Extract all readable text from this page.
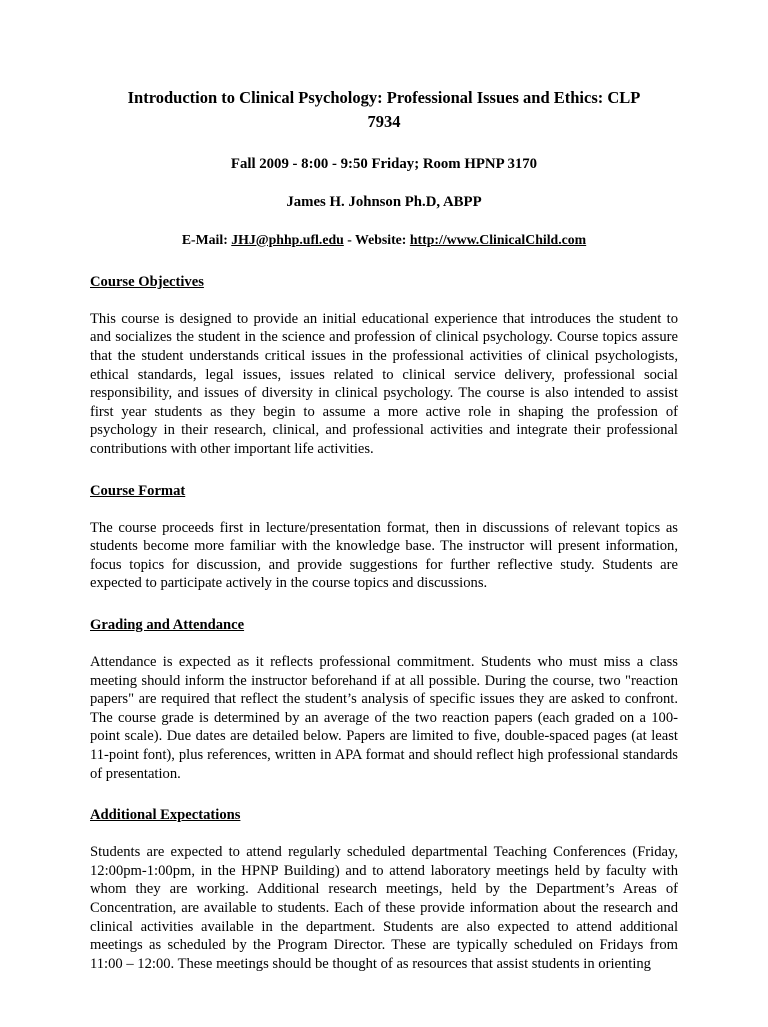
Introduction to Clinical Psychology: Professional Issues and Ethics: CLP 7934

Fall 2009 - 8:00 - 9:50 Friday; Room HPNP 3170

James H. Johnson Ph.D, ABPP

E-Mail: JHJ@phhp.ufl.edu - Website: http://www.ClinicalChild.com

Course Objectives

This course is designed to provide an initial educational experience that introduces the student to and socializes the student in the science and profession of clinical psychology. Course topics assure that the student understands critical issues in the professional activities of clinical psychologists, ethical standards, legal issues, issues related to clinical service delivery, professional social responsibility, and issues of diversity in clinical psychology. The course is also intended to assist first year students as they begin to assume a more active role in shaping the profession of psychology in their research, clinical, and professional activities and integrate their professional contributions with other important life activities.

Course Format

The course proceeds first in lecture/presentation format, then in discussions of relevant topics as students become more familiar with the knowledge base. The instructor will present information, focus topics for discussion, and provide suggestions for further reflective study. Students are expected to participate actively in the course topics and discussions.

Grading and Attendance

Attendance is expected as it reflects professional commitment. Students who must miss a class meeting should inform the instructor beforehand if at all possible. During the course, two "reaction papers" are required that reflect the student’s analysis of specific issues they are asked to confront. The course grade is determined by an average of the two reaction papers (each graded on a 100-point scale). Due dates are detailed below. Papers are limited to five, double-spaced pages (at least 11-point font), plus references, written in APA format and should reflect high professional standards of presentation.

Additional Expectations

Students are expected to attend regularly scheduled departmental Teaching Conferences (Friday, 12:00pm-1:00pm, in the HPNP Building) and to attend laboratory meetings held by faculty with whom they are working. Additional research meetings, held by the Department’s Areas of Concentration, are available to students. Each of these provide information about the research and clinical activities available in the department. Students are also expected to attend additional meetings as scheduled by the Program Director. These are typically scheduled on Fridays from 11:00 – 12:00. These meetings should be thought of as resources that assist students in orienting
